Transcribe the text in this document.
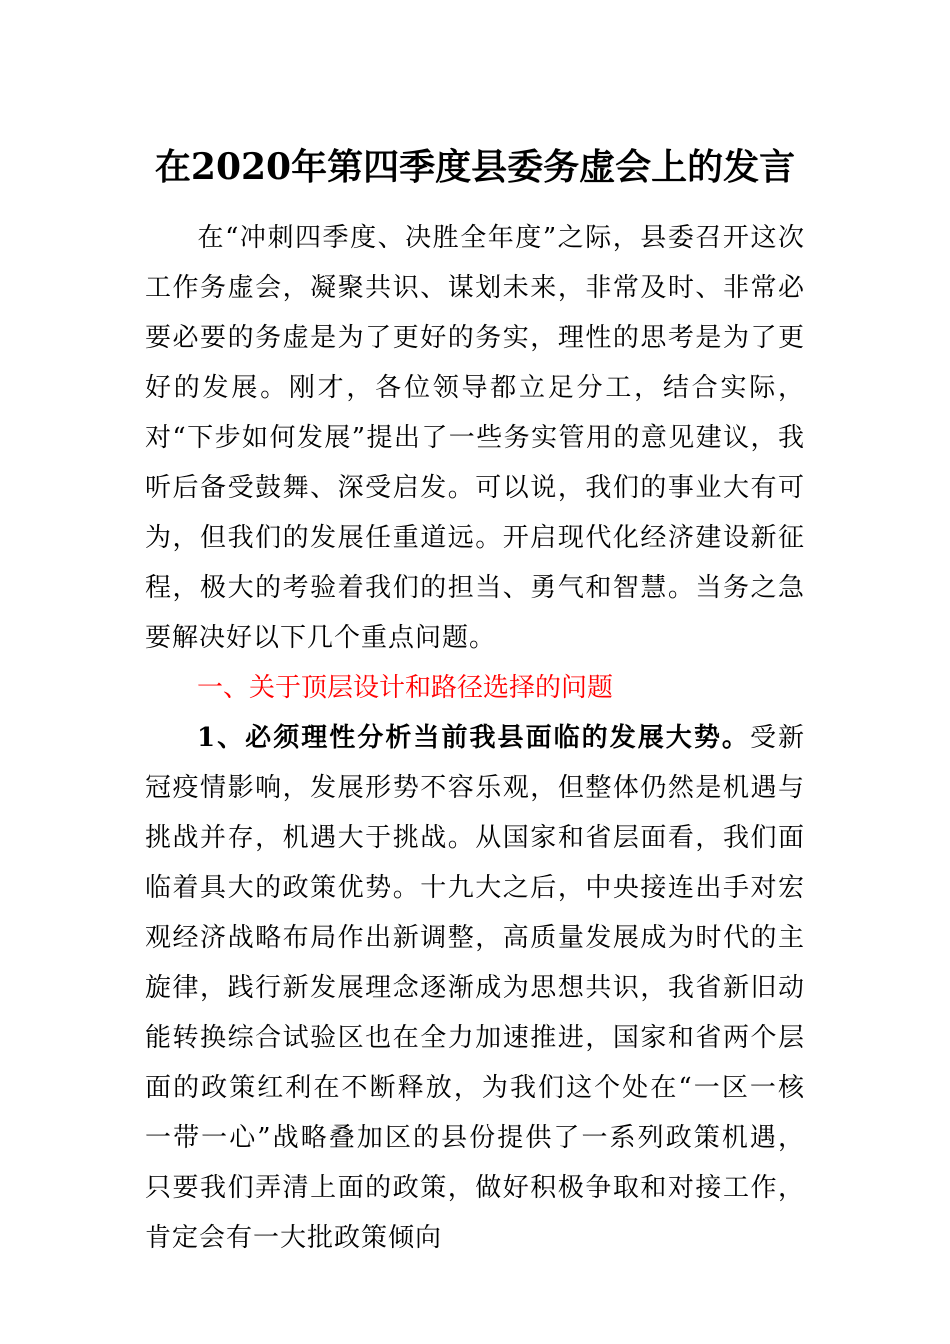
在2020年第四季度县委务虚会上的发言
在“冲刺四季度、决胜全年度”之际，县委召开这次工作务虚会，凝聚共识、谋划未来，非常及时、非常必要必要的务虚是为了更好的务实，理性的思考是为了更好的发展。刚才，各位领导都立足分工，结合实际，对“下步如何发展”提出了一些务实管用的意见建议，我听后备受鼓舞、深受启发。可以说，我们的事业大有可为，但我们的发展任重道远。开启现代化经济建设新征程，极大的考验着我们的担当、勇气和智慧。当务之急要解决好以下几个重点问题。
一、关于顶层设计和路径选择的问题
1、必须理性分析当前我县面临的发展大势。受新冠疫情影响，发展形势不容乐观，但整体仍然是机遇与挑战并存，机遇大于挑战。从国家和省层面看，我们面临着具大的政策优势。十九大之后，中央接连出手对宏观经济战略布局作出新调整，高质量发展成为时代的主旋律，践行新发展理念逐渐成为思想共识，我省新旧动能转换综合试验区也在全力加速推进，国家和省两个层面的政策红利在不断释放，为我们这个处在“一区一核一带一心”战略叠加区的县份提供了一系列政策机遇，只要我们弄清上面的政策，做好积极争取和对接工作，肯定会有一大批政策倾向
